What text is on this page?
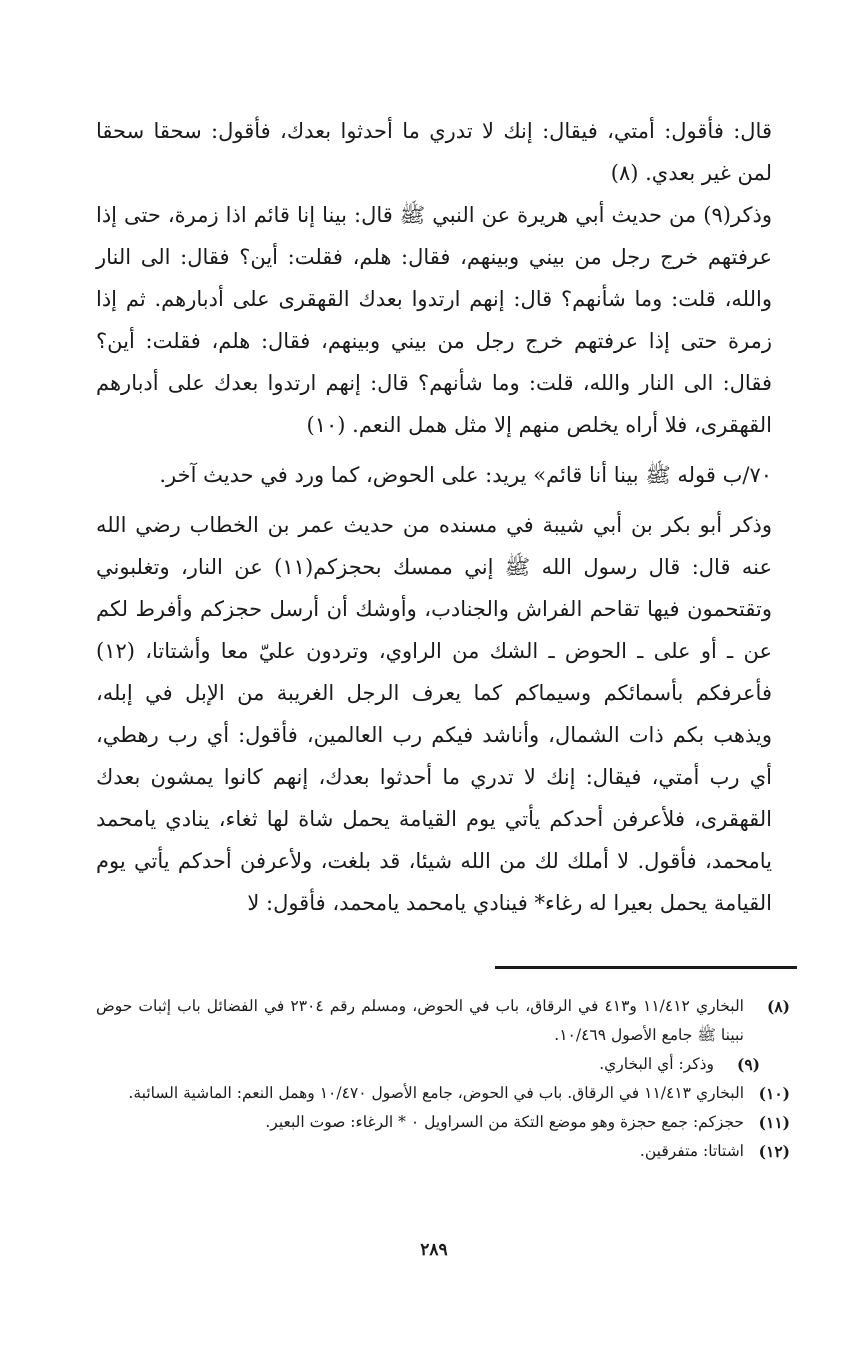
قال: فأقول: أمتي، فيقال: إنك لا تدري ما أحدثوا بعدك، فأقول: سحقا سحقا لمن غير بعدي. (٨)

وذكر(٩) من حديث أبي هريرة عن النبي ﷺ قال: بينا إنا قائم اذا زمرة، حتى إذا عرفتهم خرج رجل من بيني وبينهم، فقال: هلم، فقلت: أين؟ فقال: الى النار والله، قلت: وما شأنهم؟ قال: إنهم ارتدوا بعدك القهقرى على أدبارهم. ثم إذا زمرة حتى إذا عرفتهم خرج رجل من بيني وبينهم، فقال: هلم، فقلت: أين؟ فقال: الى النار والله، قلت: وما شأنهم؟ قال: إنهم ارتدوا بعدك على أدبارهم القهقرى، فلا أراه يخلص منهم إلا مثل همل النعم. (١٠)

٧٠/ب قوله ﷺ بينا أنا قائم» يريد: على الحوض، كما ورد في حديث آخر.

وذكر أبو بكر بن أبي شيبة في مسنده من حديث عمر بن الخطاب رضي الله عنه قال: قال رسول الله ﷺ إني ممسك بحجزكم(١١) عن النار، وتغلبوني وتقتحمون فيها تقاحم الفراش والجنادب، وأوشك أن أرسل حجزكم وأفرط لكم عن ـ أو على ـ الحوض ـ الشك من الراوي، وتردون عليّ معا وأشتاتا، (١٢) فأعرفكم بأسمائكم وسيماكم كما يعرف الرجل الغريبة من الإبل في إبله، ويذهب بكم ذات الشمال، وأناشد فيكم رب العالمين، فأقول: أي رب رهطي، أي رب أمتي، فيقال: إنك لا تدري ما أحدثوا بعدك، إنهم كانوا يمشون بعدك القهقرى، فلأعرفن أحدكم يأتي يوم القيامة يحمل شاة لها ثغاء، ينادي يامحمد يامحمد، فأقول. لا أملك لك من الله شيئا، قد بلغت، ولأعرفن أحدكم يأتي يوم القيامة يحمل بعيرا له رغاء* فينادي يامحمد يامحمد، فأقول: لا

(٨)
البخاري ١١/٤١٢ و٤١٣ في الرقاق، باب في الحوض، ومسلم رقم ٢٣٠٤ في الفضائل باب إثبات حوض نبينا ﷺ جامع الأصول ١٠/٤٦٩.
(٩)
وذكر: أي البخاري.
(١٠)
البخاري ١١/٤١٣ في الرقاق. باب في الحوض، جامع الأصول ١٠/٤٧٠ وهمل النعم: الماشية السائبة.
(١١)
حجزكم: جمع حجزة وهو موضع التكة من السراويل ٠ * الرغاء: صوت البعير.
(١٢)
اشتاتا: متفرقين.
٢٨٩
